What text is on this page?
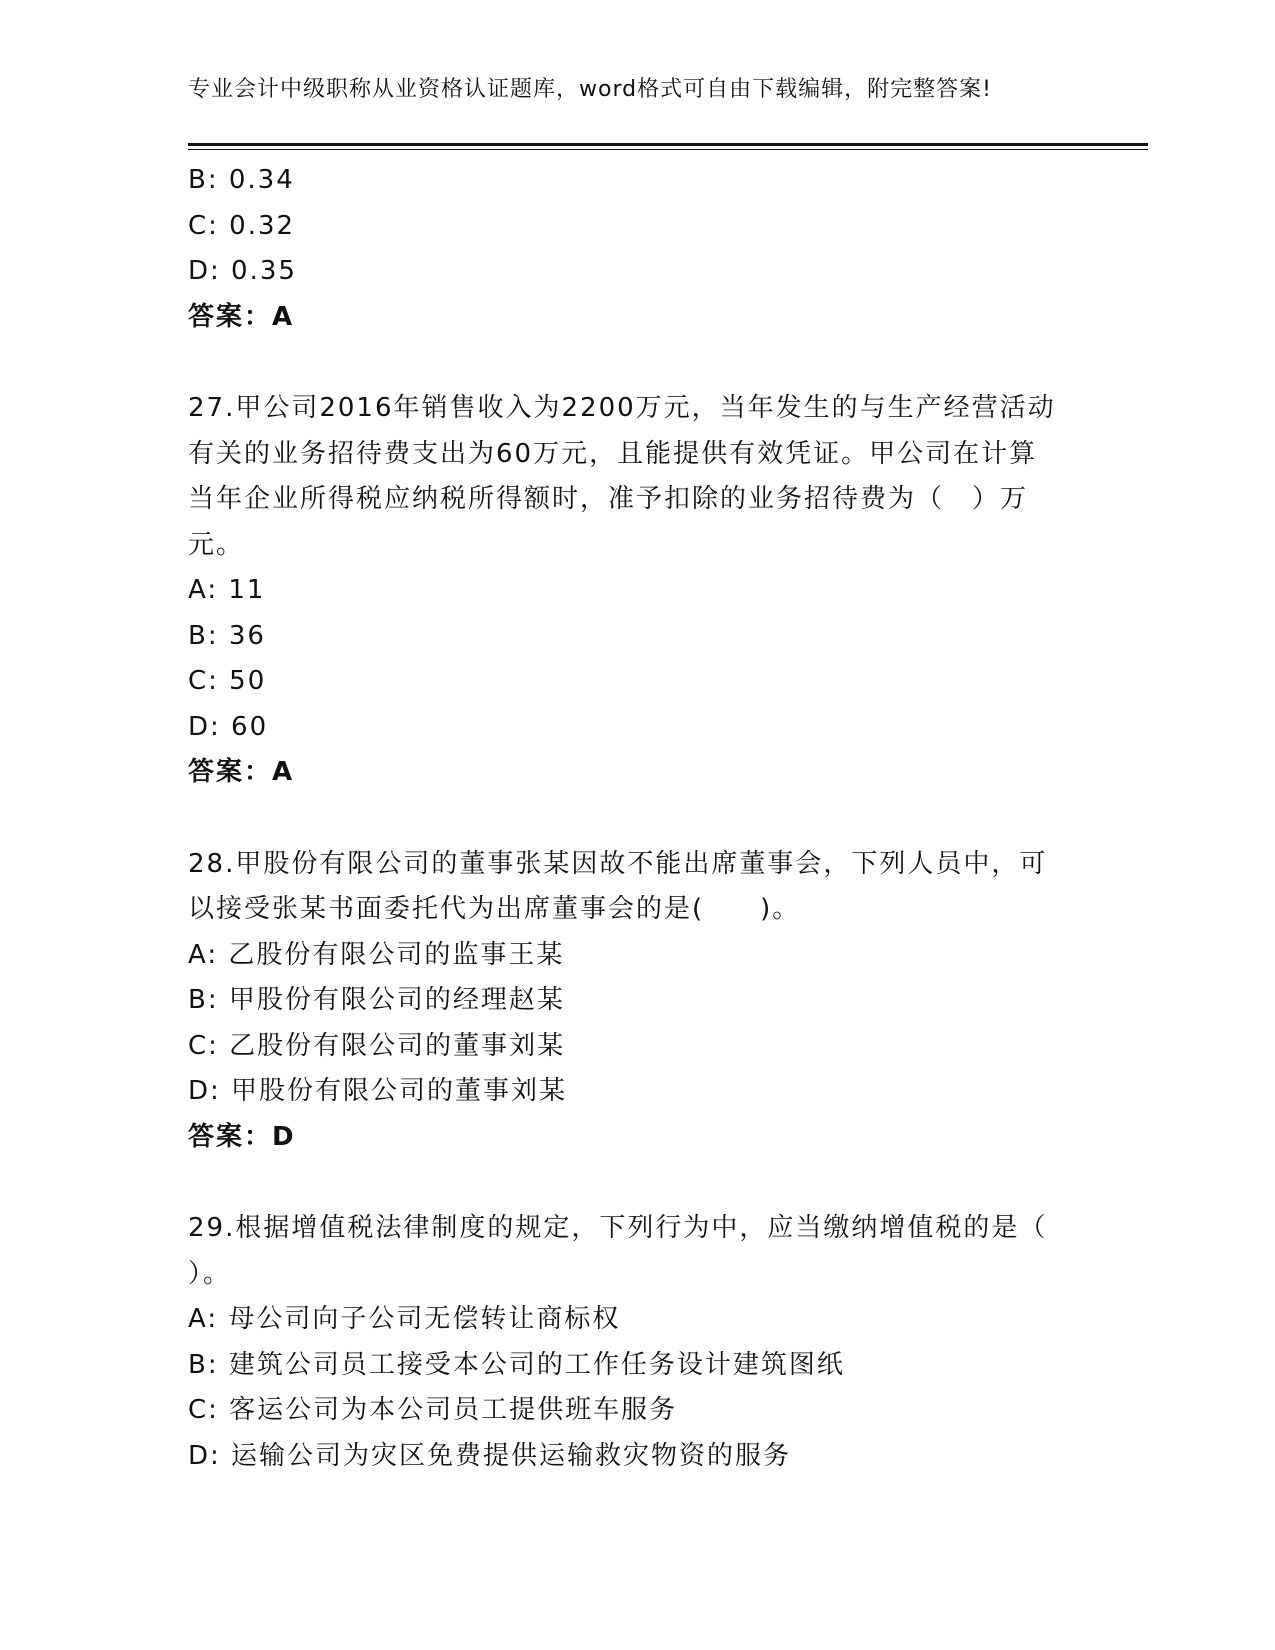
专业会计中级职称从业资格认证题库，word格式可自由下载编辑，附完整答案!
B: 0.34
C: 0.32
D: 0.35
答案：A
27.甲公司2016年销售收入为2200万元，当年发生的与生产经营活动
有关的业务招待费支出为60万元，且能提供有效凭证。甲公司在计算
当年企业所得税应纳税所得额时，准予扣除的业务招待费为（　）万
元。
A: 11
B: 36
C: 50
D: 60
答案：A
28.甲股份有限公司的董事张某因故不能出席董事会，下列人员中，可
以接受张某书面委托代为出席董事会的是(　　)。
A: 乙股份有限公司的监事王某
B: 甲股份有限公司的经理赵某
C: 乙股份有限公司的董事刘某
D: 甲股份有限公司的董事刘某
答案：D
29.根据增值税法律制度的规定，下列行为中，应当缴纳增值税的是（
）。
A: 母公司向子公司无偿转让商标权
B: 建筑公司员工接受本公司的工作任务设计建筑图纸
C: 客运公司为本公司员工提供班车服务
D: 运输公司为灾区免费提供运输救灾物资的服务
